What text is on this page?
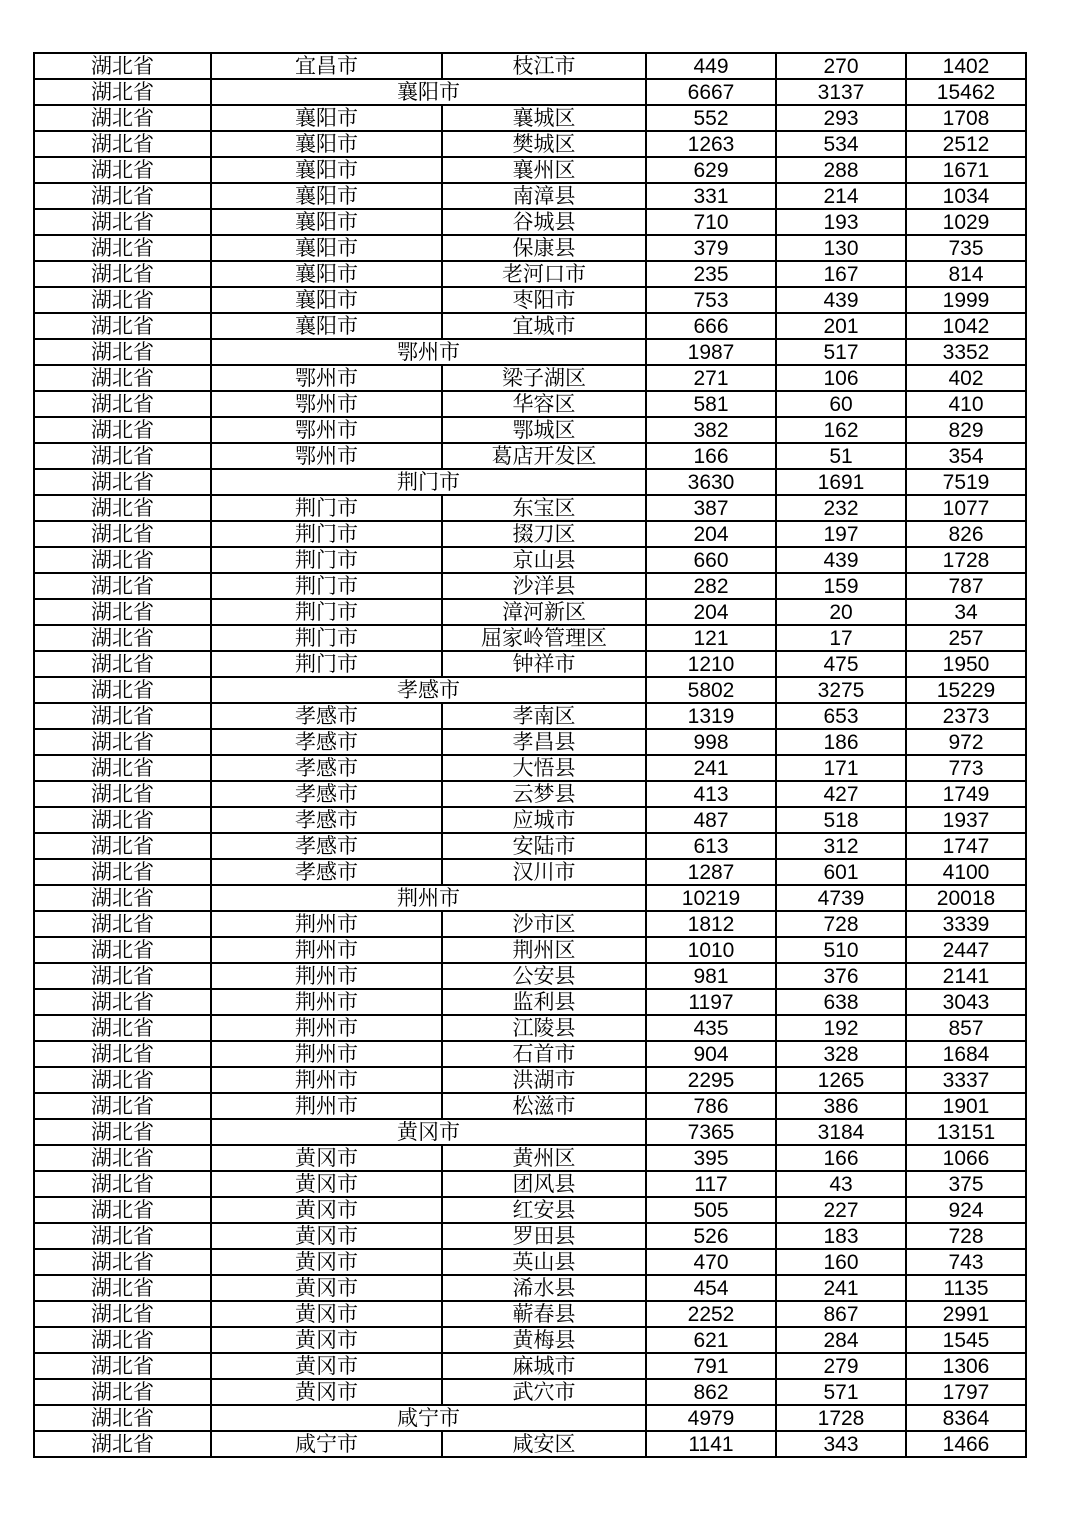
湖北省	宜昌市	枝江市	449	270	1402
湖北省	襄阳市		6667	3137	15462
湖北省	襄阳市	襄城区	552	293	1708
湖北省	襄阳市	樊城区	1263	534	2512
湖北省	襄阳市	襄州区	629	288	1671
湖北省	襄阳市	南漳县	331	214	1034
湖北省	襄阳市	谷城县	710	193	1029
湖北省	襄阳市	保康县	379	130	735
湖北省	襄阳市	老河口市	235	167	814
湖北省	襄阳市	枣阳市	753	439	1999
湖北省	襄阳市	宜城市	666	201	1042
湖北省	鄂州市		1987	517	3352
湖北省	鄂州市	梁子湖区	271	106	402
湖北省	鄂州市	华容区	581	60	410
湖北省	鄂州市	鄂城区	382	162	829
湖北省	鄂州市	葛店开发区	166	51	354
湖北省	荆门市		3630	1691	7519
湖北省	荆门市	东宝区	387	232	1077
湖北省	荆门市	掇刀区	204	197	826
湖北省	荆门市	京山县	660	439	1728
湖北省	荆门市	沙洋县	282	159	787
湖北省	荆门市	漳河新区	204	20	34
湖北省	荆门市	屈家岭管理区	121	17	257
湖北省	荆门市	钟祥市	1210	475	1950
湖北省	孝感市		5802	3275	15229
湖北省	孝感市	孝南区	1319	653	2373
湖北省	孝感市	孝昌县	998	186	972
湖北省	孝感市	大悟县	241	171	773
湖北省	孝感市	云梦县	413	427	1749
湖北省	孝感市	应城市	487	518	1937
湖北省	孝感市	安陆市	613	312	1747
湖北省	孝感市	汉川市	1287	601	4100
湖北省	荆州市		10219	4739	20018
湖北省	荆州市	沙市区	1812	728	3339
湖北省	荆州市	荆州区	1010	510	2447
湖北省	荆州市	公安县	981	376	2141
湖北省	荆州市	监利县	1197	638	3043
湖北省	荆州市	江陵县	435	192	857
湖北省	荆州市	石首市	904	328	1684
湖北省	荆州市	洪湖市	2295	1265	3337
湖北省	荆州市	松滋市	786	386	1901
湖北省	黄冈市		7365	3184	13151
湖北省	黄冈市	黄州区	395	166	1066
湖北省	黄冈市	团风县	117	43	375
湖北省	黄冈市	红安县	505	227	924
湖北省	黄冈市	罗田县	526	183	728
湖北省	黄冈市	英山县	470	160	743
湖北省	黄冈市	浠水县	454	241	1135
湖北省	黄冈市	蕲春县	2252	867	2991
湖北省	黄冈市	黄梅县	621	284	1545
湖北省	黄冈市	麻城市	791	279	1306
湖北省	黄冈市	武穴市	862	571	1797
湖北省	咸宁市		4979	1728	8364
湖北省	咸宁市	咸安区	1141	343	1466
